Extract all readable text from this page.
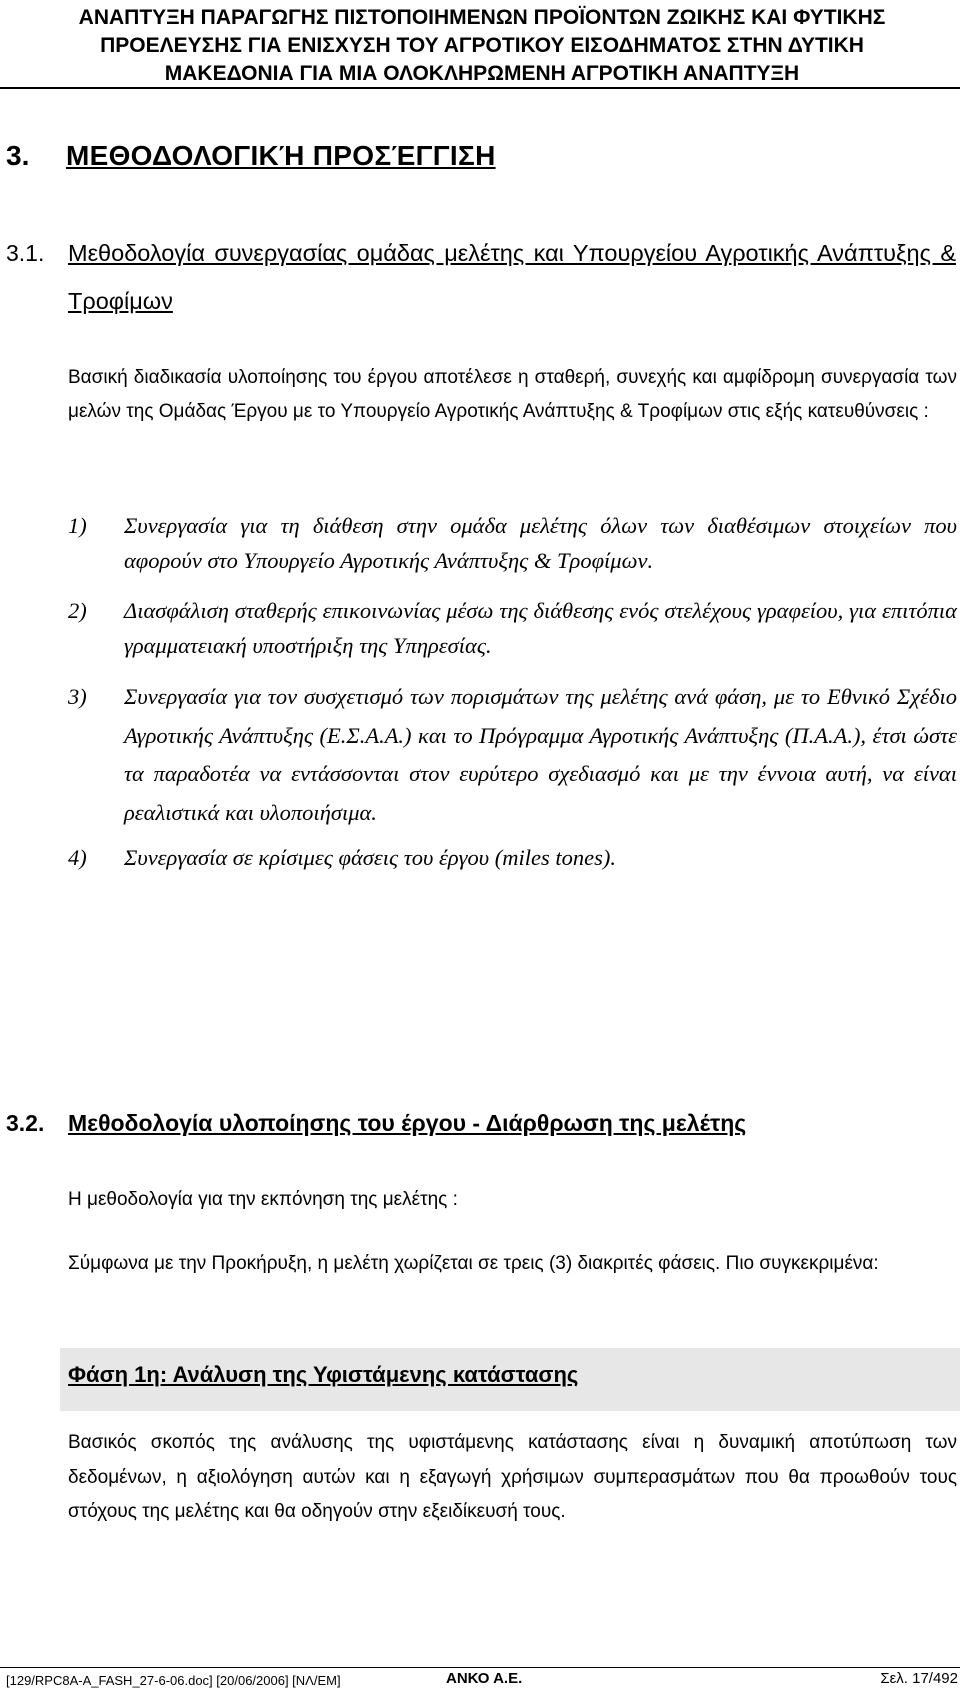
ΑΝΑΠΤΥΞΗ ΠΑΡΑΓΩΓΗΣ ΠΙΣΤΟΠΟΙΗΜΕΝΩΝ ΠΡΟΪΟΝΤΩΝ ΖΩΙΚΗΣ ΚΑΙ ΦΥΤΙΚΗΣ
ΠΡΟΕΛΕΥΣΗΣ ΓΙΑ ΕΝΙΣΧΥΣΗ ΤΟΥ ΑΓΡΟΤΙΚΟΥ ΕΙΣΟΔΗΜΑΤΟΣ ΣΤΗΝ ΔΥΤΙΚΗ
ΜΑΚΕΔΟΝΙΑ ΓΙΑ ΜΙΑ ΟΛΟΚΛΗΡΩΜΕΝΗ ΑΓΡΟΤΙΚΗ ΑΝΑΠΤΥΞΗ
3. ΜΕΘΟΔΟΛΟΓΙΚΉ ΠΡΟΣΈΓΓΙΣΗ
3.1.	Μεθοδολογία συνεργασίας ομάδας μελέτης και Υπουργείου Αγροτικής Ανάπτυξης & Τροφίμων
Βασική διαδικασία υλοποίησης του έργου αποτέλεσε η σταθερή, συνεχής και αμφίδρομη συνεργασία των μελών της Ομάδας Έργου με το Υπουργείο Αγροτικής Ανάπτυξης & Τροφίμων στις εξής κατευθύνσεις :
1) Συνεργασία για τη διάθεση στην ομάδα μελέτης όλων των διαθέσιμων στοιχείων που αφορούν στο Υπουργείο Αγροτικής Ανάπτυξης & Τροφίμων.
2) Διασφάλιση σταθερής επικοινωνίας μέσω της διάθεσης ενός στελέχους γραφείου, για επιτόπια γραμματειακή υποστήριξη της Υπηρεσίας.
3) Συνεργασία για τον συσχετισμό των πορισμάτων της μελέτης ανά φάση, με το Εθνικό Σχέδιο Αγροτικής Ανάπτυξης (Ε.Σ.Α.Α.) και το Πρόγραμμα Αγροτικής Ανάπτυξης (Π.Α.Α.), έτσι ώστε τα παραδοτέα να εντάσσονται στον ευρύτερο σχεδιασμό και με την έννοια αυτή, να είναι ρεαλιστικά και υλοποιήσιμα.
4) Συνεργασία σε κρίσιμες φάσεις του έργου (miles tones).
3.2.	Μεθοδολογία υλοποίησης του έργου - Διάρθρωση της μελέτης
Η μεθοδολογία για την εκπόνηση της μελέτης :
Σύμφωνα με την Προκήρυξη, η μελέτη χωρίζεται σε τρεις (3) διακριτές φάσεις. Πιο συγκεκριμένα:
Φάση 1η: Ανάλυση της Υφιστάμενης κατάστασης
Βασικός σκοπός της ανάλυσης της υφιστάμενης κατάστασης είναι η δυναμική αποτύπωση των δεδομένων, η αξιολόγηση αυτών και η εξαγωγή χρήσιμων συμπερασμάτων που θα προωθούν τους στόχους της μελέτης και θα οδηγούν στην εξειδίκευσή τους.
[129/RPC8A-A_FASH_27-6-06.doc] [20/06/2006] [ΝΛ/ΕΜ]	ΑΝΚΟ Α.Ε.	Σελ. 17/492
